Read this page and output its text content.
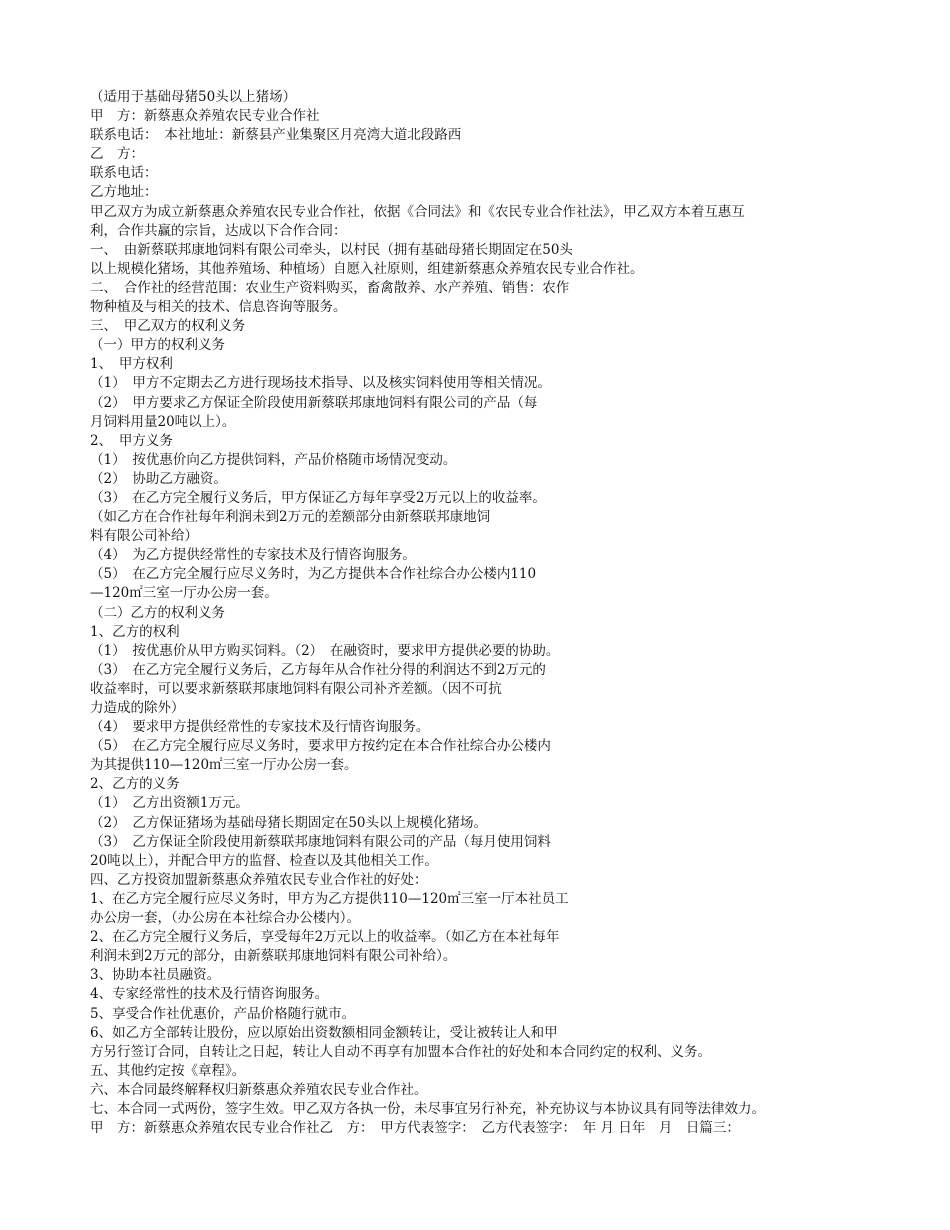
（适用于基础母猪50头以上猪场）
甲　方：新蔡惠众养殖农民专业合作社
联系电话：　本社地址：新蔡县产业集聚区月亮湾大道北段路西
乙　方：
联系电话：
乙方地址：
甲乙双方为成立新蔡惠众养殖农民专业合作社，依据《合同法》和《农民专业合作社法》，甲乙双方本着互惠互
利，合作共赢的宗旨，达成以下合作合同：
一、　由新蔡联邦康地饲料有限公司牵头，以村民（拥有基础母猪长期固定在50头
以上规模化猪场，其他养殖场、种植场）自愿入社原则，组建新蔡惠众养殖农民专业合作社。
二、　合作社的经营范围：农业生产资料购买，畜禽散养、水产养殖、销售：农作
物种植及与相关的技术、信息咨询等服务。
三、　甲乙双方的权利义务
（一）甲方的权利义务
1、　甲方权利
（1）　甲方不定期去乙方进行现场技术指导、以及核实饲料使用等相关情况。
（2）　甲方要求乙方保证全阶段使用新蔡联邦康地饲料有限公司的产品（每
月饲料用量20吨以上）。
2、　甲方义务
（1）　按优惠价向乙方提供饲料，产品价格随市场情况变动。
（2）　协助乙方融资。
（3）　在乙方完全履行义务后，甲方保证乙方每年享受2万元以上的收益率。
（如乙方在合作社每年利润未到2万元的差额部分由新蔡联邦康地饲
料有限公司补给）
（4）　为乙方提供经常性的专家技术及行情咨询服务。
（5）　在乙方完全履行应尽义务时，为乙方提供本合作社综合办公楼内110
—120㎡三室一厅办公房一套。
（二）乙方的权利义务
1、乙方的权利
（1）　按优惠价从甲方购买饲料。（2）　在融资时，要求甲方提供必要的协助。
（3）　在乙方完全履行义务后，乙方每年从合作社分得的利润达不到2万元的
收益率时，可以要求新蔡联邦康地饲料有限公司补齐差额。（因不可抗
力造成的除外）
（4）　要求甲方提供经常性的专家技术及行情咨询服务。
（5）　在乙方完全履行应尽义务时，要求甲方按约定在本合作社综合办公楼内
为其提供110—120㎡三室一厅办公房一套。
2、乙方的义务
（1）　乙方出资额1万元。
（2）　乙方保证猪场为基础母猪长期固定在50头以上规模化猪场。
（3）　乙方保证全阶段使用新蔡联邦康地饲料有限公司的产品（每月使用饲料
20吨以上），并配合甲方的监督、检查以及其他相关工作。
四、乙方投资加盟新蔡惠众养殖农民专业合作社的好处：
1、在乙方完全履行应尽义务时，甲方为乙方提供110—120㎡三室一厅本社员工
办公房一套，（办公房在本社综合办公楼内）。
2、在乙方完全履行义务后，享受每年2万元以上的收益率。（如乙方在本社每年
利润未到2万元的部分，由新蔡联邦康地饲料有限公司补给）。
3、协助本社员融资。
4、专家经常性的技术及行情咨询服务。
5、享受合作社优惠价，产品价格随行就市。
6、如乙方全部转让股份，应以原始出资数额相同金额转让，受让被转让人和甲
方另行签订合同，自转让之日起，转让人自动不再享有加盟本合作社的好处和本合同约定的权利、义务。
五、其他约定按《章程》。
六、本合同最终解释权归新蔡惠众养殖农民专业合作社。
七、本合同一式两份，签字生效。甲乙双方各执一份，未尽事宜另行补充，补充协议与本协议具有同等法律效力。
甲　方：新蔡惠众养殖农民专业合作社乙　方：　甲方代表签字：　乙方代表签字：　年 月 日年　月　日篇三：
